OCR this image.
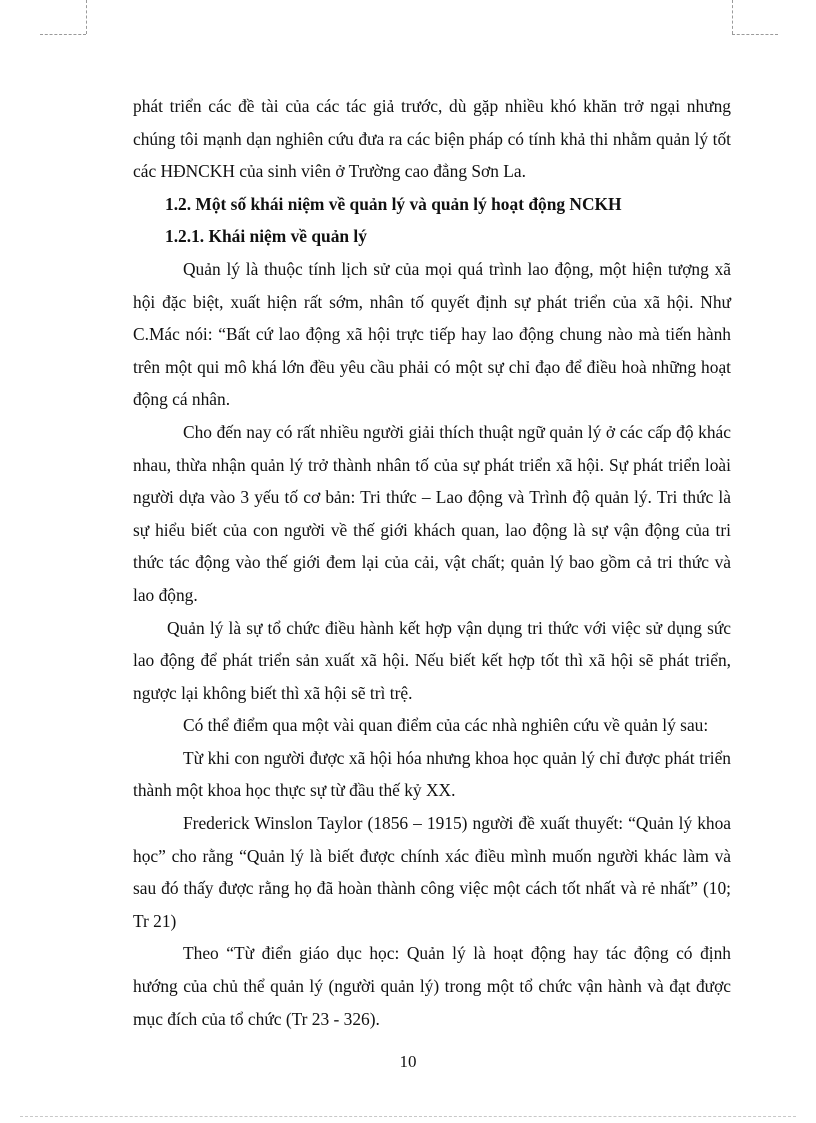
phát triển các đề tài của các tác giả trước, dù gặp nhiều khó khăn trở ngại nhưng chúng tôi mạnh dạn nghiên cứu đưa ra các biện pháp có tính khả thi nhằm quản lý tốt các HĐNCKH của sinh viên ở Trường cao đẳng Sơn La.

1.2. Một số khái niệm về quản lý và quản lý hoạt động NCKH

1.2.1. Khái niệm về quản lý

Quản lý là thuộc tính lịch sử của mọi quá trình lao động, một hiện tượng xã hội đặc biệt, xuất hiện rất sớm, nhân tố quyết định sự phát triển của xã hội. Như C.Mác nói: “Bất cứ lao động xã hội trực tiếp hay lao động chung nào mà tiến hành trên một qui mô khá lớn đều yêu cầu phải có một sự chỉ đạo để điều hoà những hoạt động cá nhân.

Cho đến nay có rất nhiều người giải thích thuật ngữ quản lý ở các cấp độ khác nhau, thừa nhận quản lý trở thành nhân tố của sự phát triển xã hội. Sự phát triển loài người dựa vào 3 yếu tố cơ bản: Tri thức – Lao động và Trình độ quản lý. Tri thức là sự hiểu biết của con người về thế giới khách quan, lao động là sự vận động của tri thức tác động vào thế giới đem lại của cải, vật chất; quản lý bao gồm cả tri thức và lao động.

Quản lý là sự tổ chức điều hành kết hợp vận dụng tri thức với việc sử dụng sức lao động để phát triển sản xuất xã hội. Nếu biết kết hợp tốt thì xã hội sẽ phát triển, ngược lại không biết thì xã hội sẽ trì trệ.

Có thể điểm qua một vài quan điểm của các nhà nghiên cứu về quản lý sau:

Từ khi con người được xã hội hóa nhưng khoa học quản lý chỉ được phát triển thành một khoa học thực sự từ đầu thế kỷ XX.

Frederick Winslon Taylor (1856 – 1915) người đề xuất thuyết: “Quản lý khoa học” cho rằng “Quản lý là biết được chính xác điều mình muốn người khác làm và sau đó thấy được rằng họ đã hoàn thành công việc một cách tốt nhất và rẻ nhất” (10; Tr 21)

Theo “Từ điển giáo dục học: Quản lý là hoạt động hay tác động có định hướng của chủ thể quản lý (người quản lý) trong một tổ chức vận hành và đạt được mục đích của tổ chức (Tr 23 - 326).

10
